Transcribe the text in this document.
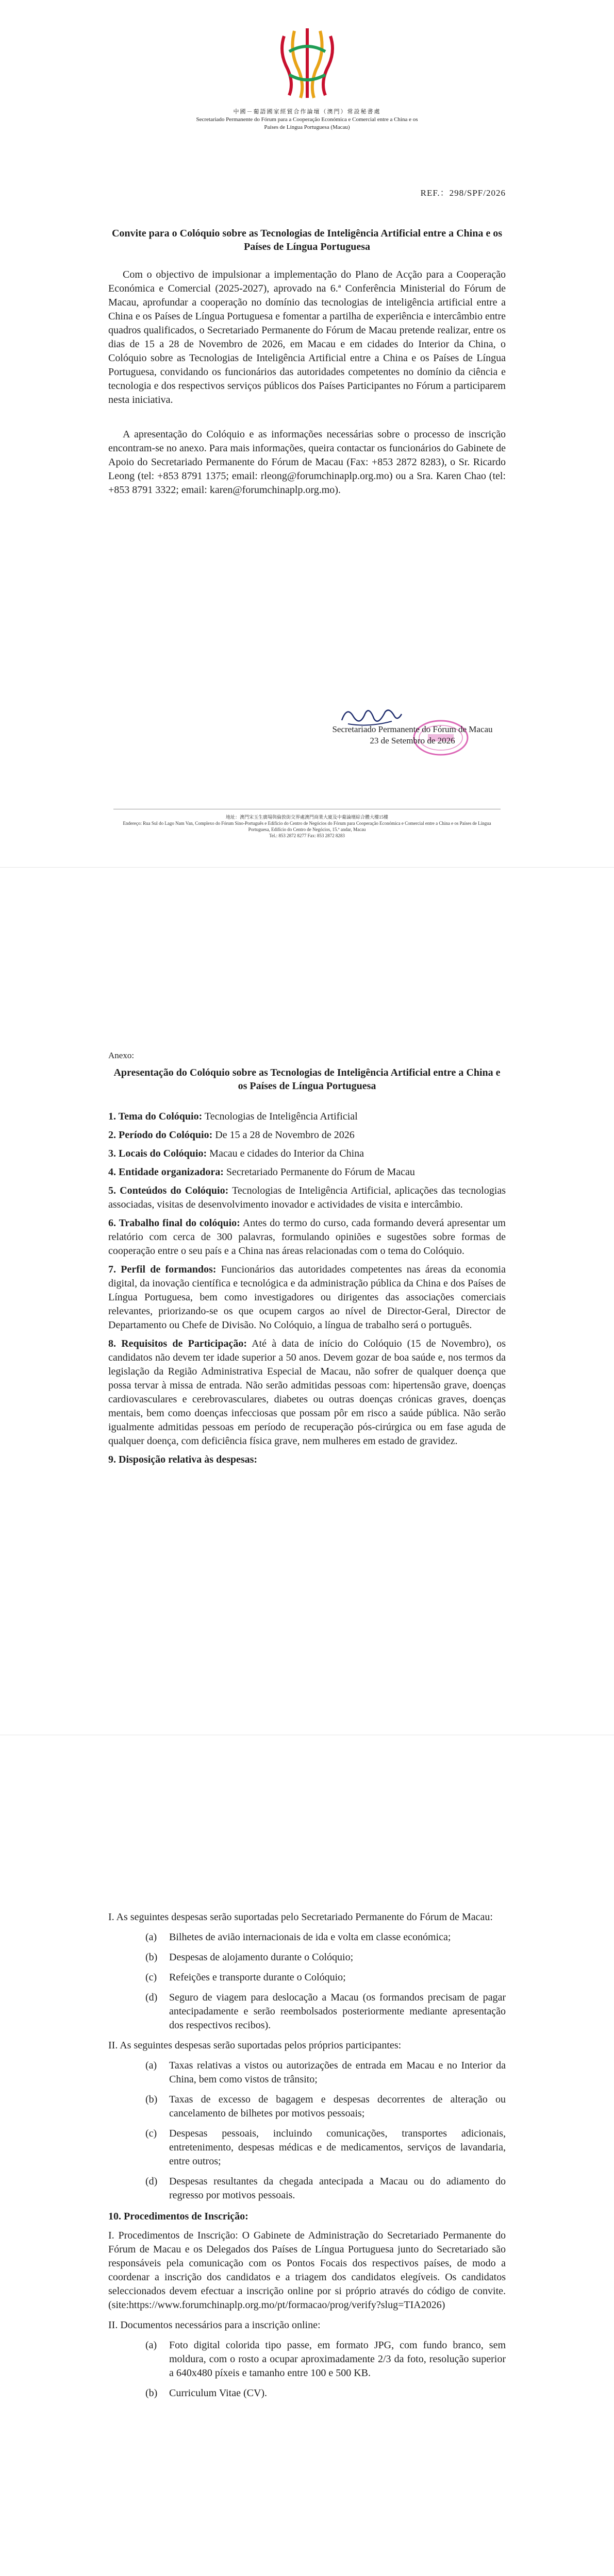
中國－葡語國家經貿合作論壇（澳門）常設秘書處
Secretariado Permanente do Fórum para a Cooperação Económica e Comercial entre a China e os
Países de Língua Portuguesa (Macau)
REF.：298/SPF/2026
Convite para o Colóquio sobre as Tecnologias de Inteligência Artificial entre a China e os Países de Língua Portuguesa

Com o objectivo de impulsionar a implementação do Plano de Acção para a Cooperação Económica e Comercial (2025-2027), aprovado na 6.ª Conferência Ministerial do Fórum de Macau, aprofundar a cooperação no domínio das tecnologias de inteligência artificial entre a China e os Países de Língua Portuguesa e fomentar a partilha de experiência e intercâmbio entre quadros qualificados, o Secretariado Permanente do Fórum de Macau pretende realizar, entre os dias de 15 a 28 de Novembro de 2026, em Macau e em cidades do Interior da China, o Colóquio sobre as Tecnologias de Inteligência Artificial entre a China e os Países de Língua Portuguesa, convidando os funcionários das autoridades competentes no domínio da ciência e tecnologia e dos respectivos serviços públicos dos Países Participantes no Fórum a participarem nesta iniciativa.

A apresentação do Colóquio e as informações necessárias sobre o processo de inscrição encontram-se no anexo. Para mais informações, queira contactar os funcionários do Gabinete de Apoio do Secretariado Permanente do Fórum de Macau (Fax: +853 2872 8283), o Sr. Ricardo Leong (tel: +853 8791 1375; email: rleong@forumchinaplp.org.mo) ou a Sra. Karen Chao (tel: +853 8791 3322; email: karen@forumchinaplp.org.mo).

Secretariado Permanente do Fórum de Macau
23 de Setembro de 2026
地址：澳門宋玉生廣場與倫敦街交界處澳門商業大廈及中葡論壇綜合體大樓15樓
Endereço: Rua Sul do Lago Nam Van, Complexo do Fórum Sino-Português e Edifício do Centro de Negócios do Fórum para Cooperação Económica e Comercial entre a China e os Países de Língua Portuguesa, Edifício do Centro de Negócios, 15.º andar, Macau
Tel.: 853 2872 8277 Fax: 853 2872 8283
Anexo:
Apresentação do Colóquio sobre as Tecnologias de Inteligência Artificial entre a China e os Países de Língua Portuguesa

1. Tema do Colóquio: Tecnologias de Inteligência Artificial

2. Período do Colóquio: De 15 a 28 de Novembro de 2026

3. Locais do Colóquio: Macau e cidades do Interior da China

4. Entidade organizadora: Secretariado Permanente do Fórum de Macau

5. Conteúdos do Colóquio: Tecnologias de Inteligência Artificial, aplicações das tecnologias associadas, visitas de desenvolvimento inovador e actividades de visita e intercâmbio.

6. Trabalho final do colóquio: Antes do termo do curso, cada formando deverá apresentar um relatório com cerca de 300 palavras, formulando opiniões e sugestões sobre formas de cooperação entre o seu país e a China nas áreas relacionadas com o tema do Colóquio.

7. Perfil de formandos: Funcionários das autoridades competentes nas áreas da economia digital, da inovação científica e tecnológica e da administração pública da China e dos Países de Língua Portuguesa, bem como investigadores ou dirigentes das associações comerciais relevantes, priorizando-se os que ocupem cargos ao nível de Director-Geral, Director de Departamento ou Chefe de Divisão. No Colóquio, a língua de trabalho será o português.

8. Requisitos de Participação: Até à data de início do Colóquio (15 de Novembro), os candidatos não devem ter idade superior a 50 anos. Devem gozar de boa saúde e, nos termos da legislação da Região Administrativa Especial de Macau, não sofrer de qualquer doença que possa tervar à missa de entrada. Não serão admitidas pessoas com: hipertensão grave, doenças cardiovasculares e cerebrovasculares, diabetes ou outras doenças crónicas graves, doenças mentais, bem como doenças infecciosas que possam pôr em risco a saúde pública. Não serão igualmente admitidas pessoas em período de recuperação pós-cirúrgica ou em fase aguda de qualquer doença, com deficiência física grave, nem mulheres em estado de gravidez.

9. Disposição relativa às despesas:

I. As seguintes despesas serão suportadas pelo Secretariado Permanente do Fórum de Macau:

(a)	Bilhetes de avião internacionais de ida e volta em classe económica;

(b)	Despesas de alojamento durante o Colóquio;

(c)	Refeições e transporte durante o Colóquio;

(d)	Seguro de viagem para deslocação a Macau (os formandos precisam de pagar antecipadamente e serão reembolsados posteriormente mediante apresentação dos respectivos recibos).

II. As seguintes despesas serão suportadas pelos próprios participantes:

(a)	Taxas relativas a vistos ou autorizações de entrada em Macau e no Interior da China, bem como vistos de trânsito;

(b)	Taxas de excesso de bagagem e despesas decorrentes de alteração ou cancelamento de bilhetes por motivos pessoais;

(c)	Despesas pessoais, incluindo comunicações, transportes adicionais, entretenimento, despesas médicas e de medicamentos, serviços de lavandaria, entre outros;

(d)	Despesas resultantes da chegada antecipada a Macau ou do adiamento do regresso por motivos pessoais.

10. Procedimentos de Inscrição:

I. Procedimentos de Inscrição: O Gabinete de Administração do Secretariado Permanente do Fórum de Macau e os Delegados dos Países de Língua Portuguesa junto do Secretariado são responsáveis pela comunicação com os Pontos Focais dos respectivos países, de modo a coordenar a inscrição dos candidatos e a triagem dos candidatos elegíveis. Os candidatos seleccionados devem efectuar a inscrição online por si próprio através do código de convite. (site:https://www.forumchinaplp.org.mo/pt/formacao/prog/verify?slug=TIA2026)

II. Documentos necessários para a inscrição online:

(a)	Foto digital colorida tipo passe, em formato JPG, com fundo branco, sem moldura, com o rosto a ocupar aproximadamente 2/3 da foto, resolução superior a 640x480 píxeis e tamanho entre 100 e 500 KB.

(b)	Curriculum Vitae (CV).
